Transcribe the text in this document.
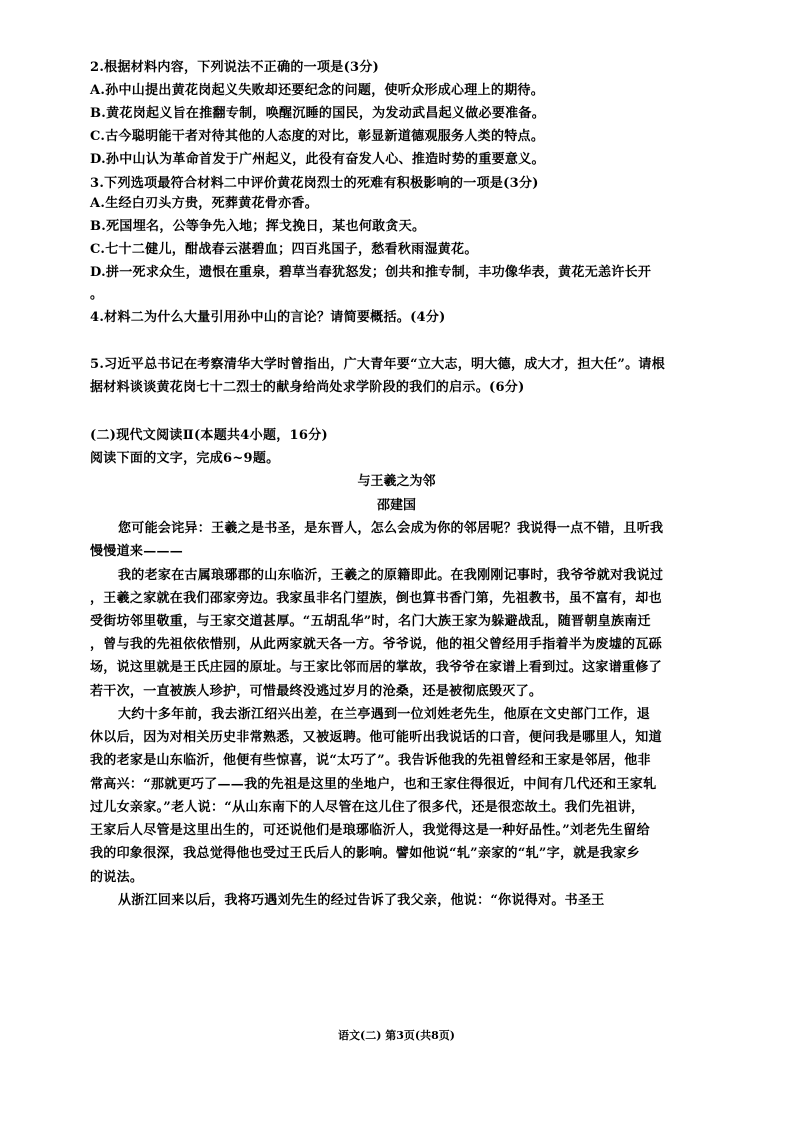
2.根据材料内容，下列说法不正确的一项是(3分)
A.孙中山提出黄花岗起义失败却还要纪念的问题，使听众形成心理上的期待。
B.黄花岗起义旨在推翻专制，唤醒沉睡的国民，为发动武昌起义做必要准备。
C.古今聪明能干者对待其他的人态度的对比，彰显新道德观服务人类的特点。
D.孙中山认为革命首发于广州起义，此役有奋发人心、推造时势的重要意义。
3.下列选项最符合材料二中评价黄花岗烈士的死难有积极影响的一项是(3分)
A.生经白刃头方贵，死葬黄花骨亦香。
B.死国埋名，公等争先入地；挥戈挽日，某也何敢贪天。
C.七十二健儿，酣战春云湛碧血；四百兆国子，愁看秋雨湿黄花。
D.拼一死求众生，遗恨在重泉，碧草当春犹怒发；创共和推专制，丰功像华表，黄花无恙许长开
。
4.材料二为什么大量引用孙中山的言论？请简要概括。(4分)
5.习近平总书记在考察清华大学时曾指出，广大青年要“立大志，明大德，成大才，担大任”。请根
据材料谈谈黄花岗七十二烈士的献身给尚处求学阶段的我们的启示。(6分)
(二)现代文阅读Ⅱ(本题共4小题，16分)
阅读下面的文字，完成6~9题。
与王羲之为邻
邵建国
您可能会诧异：王羲之是书圣，是东晋人，怎么会成为你的邻居呢？我说得一点不错，且听我
慢慢道来———
我的老家在古属琅琊郡的山东临沂，王羲之的原籍即此。在我刚刚记事时，我爷爷就对我说过
，王羲之家就在我们邵家旁边。我家虽非名门望族，倒也算书香门第，先祖教书，虽不富有，却也
受街坊邻里敬重，与王家交道甚厚。“五胡乱华”时，名门大族王家为躲避战乱，随晋朝皇族南迁
，曾与我的先祖依依惜别，从此两家就天各一方。爷爷说，他的祖父曾经用手指着半为废墟的瓦砾
场，说这里就是王氏庄园的原址。与王家比邻而居的掌故，我爷爷在家谱上看到过。这家谱重修了
若干次，一直被族人珍护，可惜最终没逃过岁月的沧桑，还是被彻底毁灭了。
大约十多年前，我去浙江绍兴出差，在兰亭遇到一位刘姓老先生，他原在文史部门工作，退
休以后，因为对相关历史非常熟悉，又被返聘。他可能听出我说话的口音，便问我是哪里人，知道
我的老家是山东临沂，他便有些惊喜，说“太巧了”。我告诉他我的先祖曾经和王家是邻居，他非
常高兴：“那就更巧了——我的先祖是这里的坐地户，也和王家住得很近，中间有几代还和王家轧
过儿女亲家。”老人说：“从山东南下的人尽管在这儿住了很多代，还是很恋故土。我们先祖讲，
王家后人尽管是这里出生的，可还说他们是琅琊临沂人，我觉得这是一种好品性。”刘老先生留给
我的印象很深，我总觉得他也受过王氏后人的影响。譬如他说“轧”亲家的“轧”字，就是我家乡
的说法。
从浙江回来以后，我将巧遇刘先生的经过告诉了我父亲，他说：“你说得对。书圣王
语文(二) 第3页(共8页)
